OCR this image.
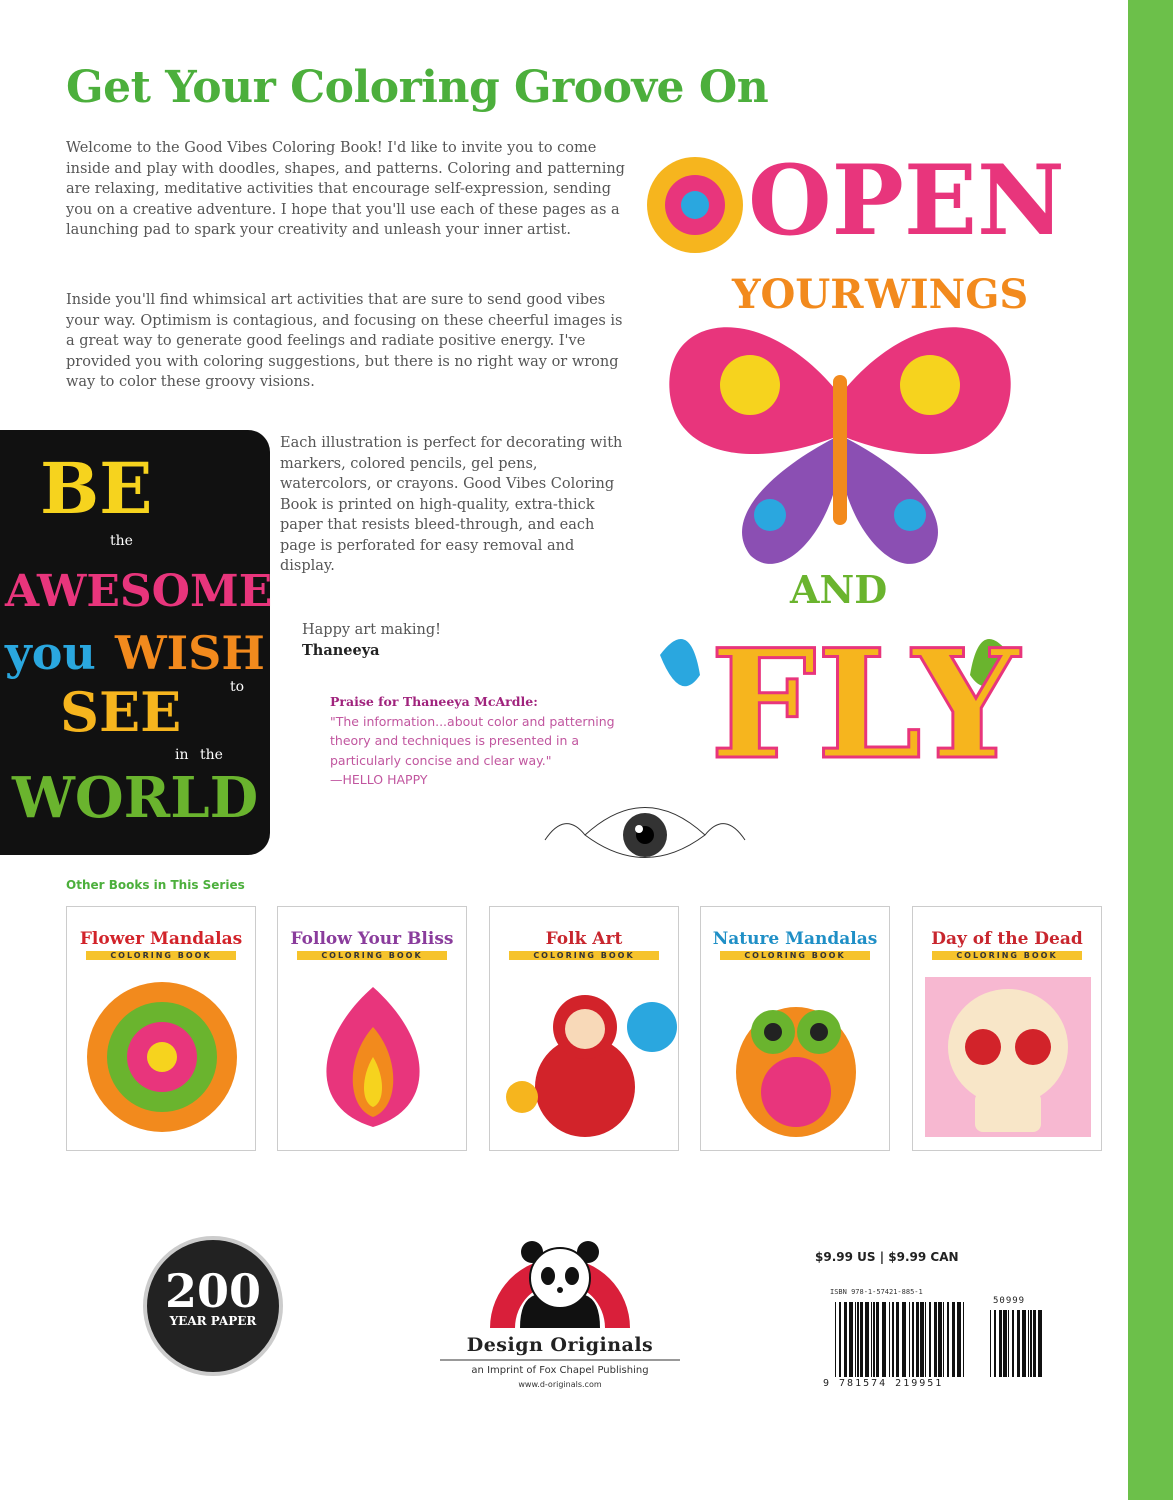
Get Your Coloring Groove On

Welcome to the Good Vibes Coloring Book! I'd like to invite you to come inside and play with doodles, shapes, and patterns. Coloring and patterning are relaxing, meditative activities that encourage self-expression, sending you on a creative adventure. I hope that you'll use each of these pages as a launching pad to spark your creativity and unleash your inner artist.

Inside you'll find whimsical art activities that are sure to send good vibes your way. Optimism is contagious, and focusing on these cheerful images is a great way to generate good feelings and radiate positive energy. I've provided you with coloring suggestions, but there is no right way or wrong way to color these groovy visions.

Each illustration is perfect for decorating with markers, colored pencils, gel pens, watercolors, or crayons. Good Vibes Coloring Book is printed on high-quality, extra-thick paper that resists bleed-through, and each page is perforated for easy removal and display.

Happy art making!
Thaneeya
Praise for Thaneeya McArdle:
"The information...about color and patterning theory and techniques is presented in a particularly concise and clear way."
—HELLO HAPPY
OPEN
YOUR
WINGS
AND
FLY
BE
the
AWESOME
you WISH
to
SEE
in the
WORLD
Other Books in This Series
Flower Mandalas
COLORING BOOK
Follow Your Bliss
COLORING BOOK
Folk Art
COLORING BOOK
Nature Mandalas
COLORING BOOK
Day of the Dead
COLORING BOOK
200
YEAR PAPER
Design Originals
an Imprint of Fox Chapel Publishing
www.d-originals.com
$9.99 US | $9.99 CAN
ISBN 978-1-57421-885-1
9 781574 219951
50999
